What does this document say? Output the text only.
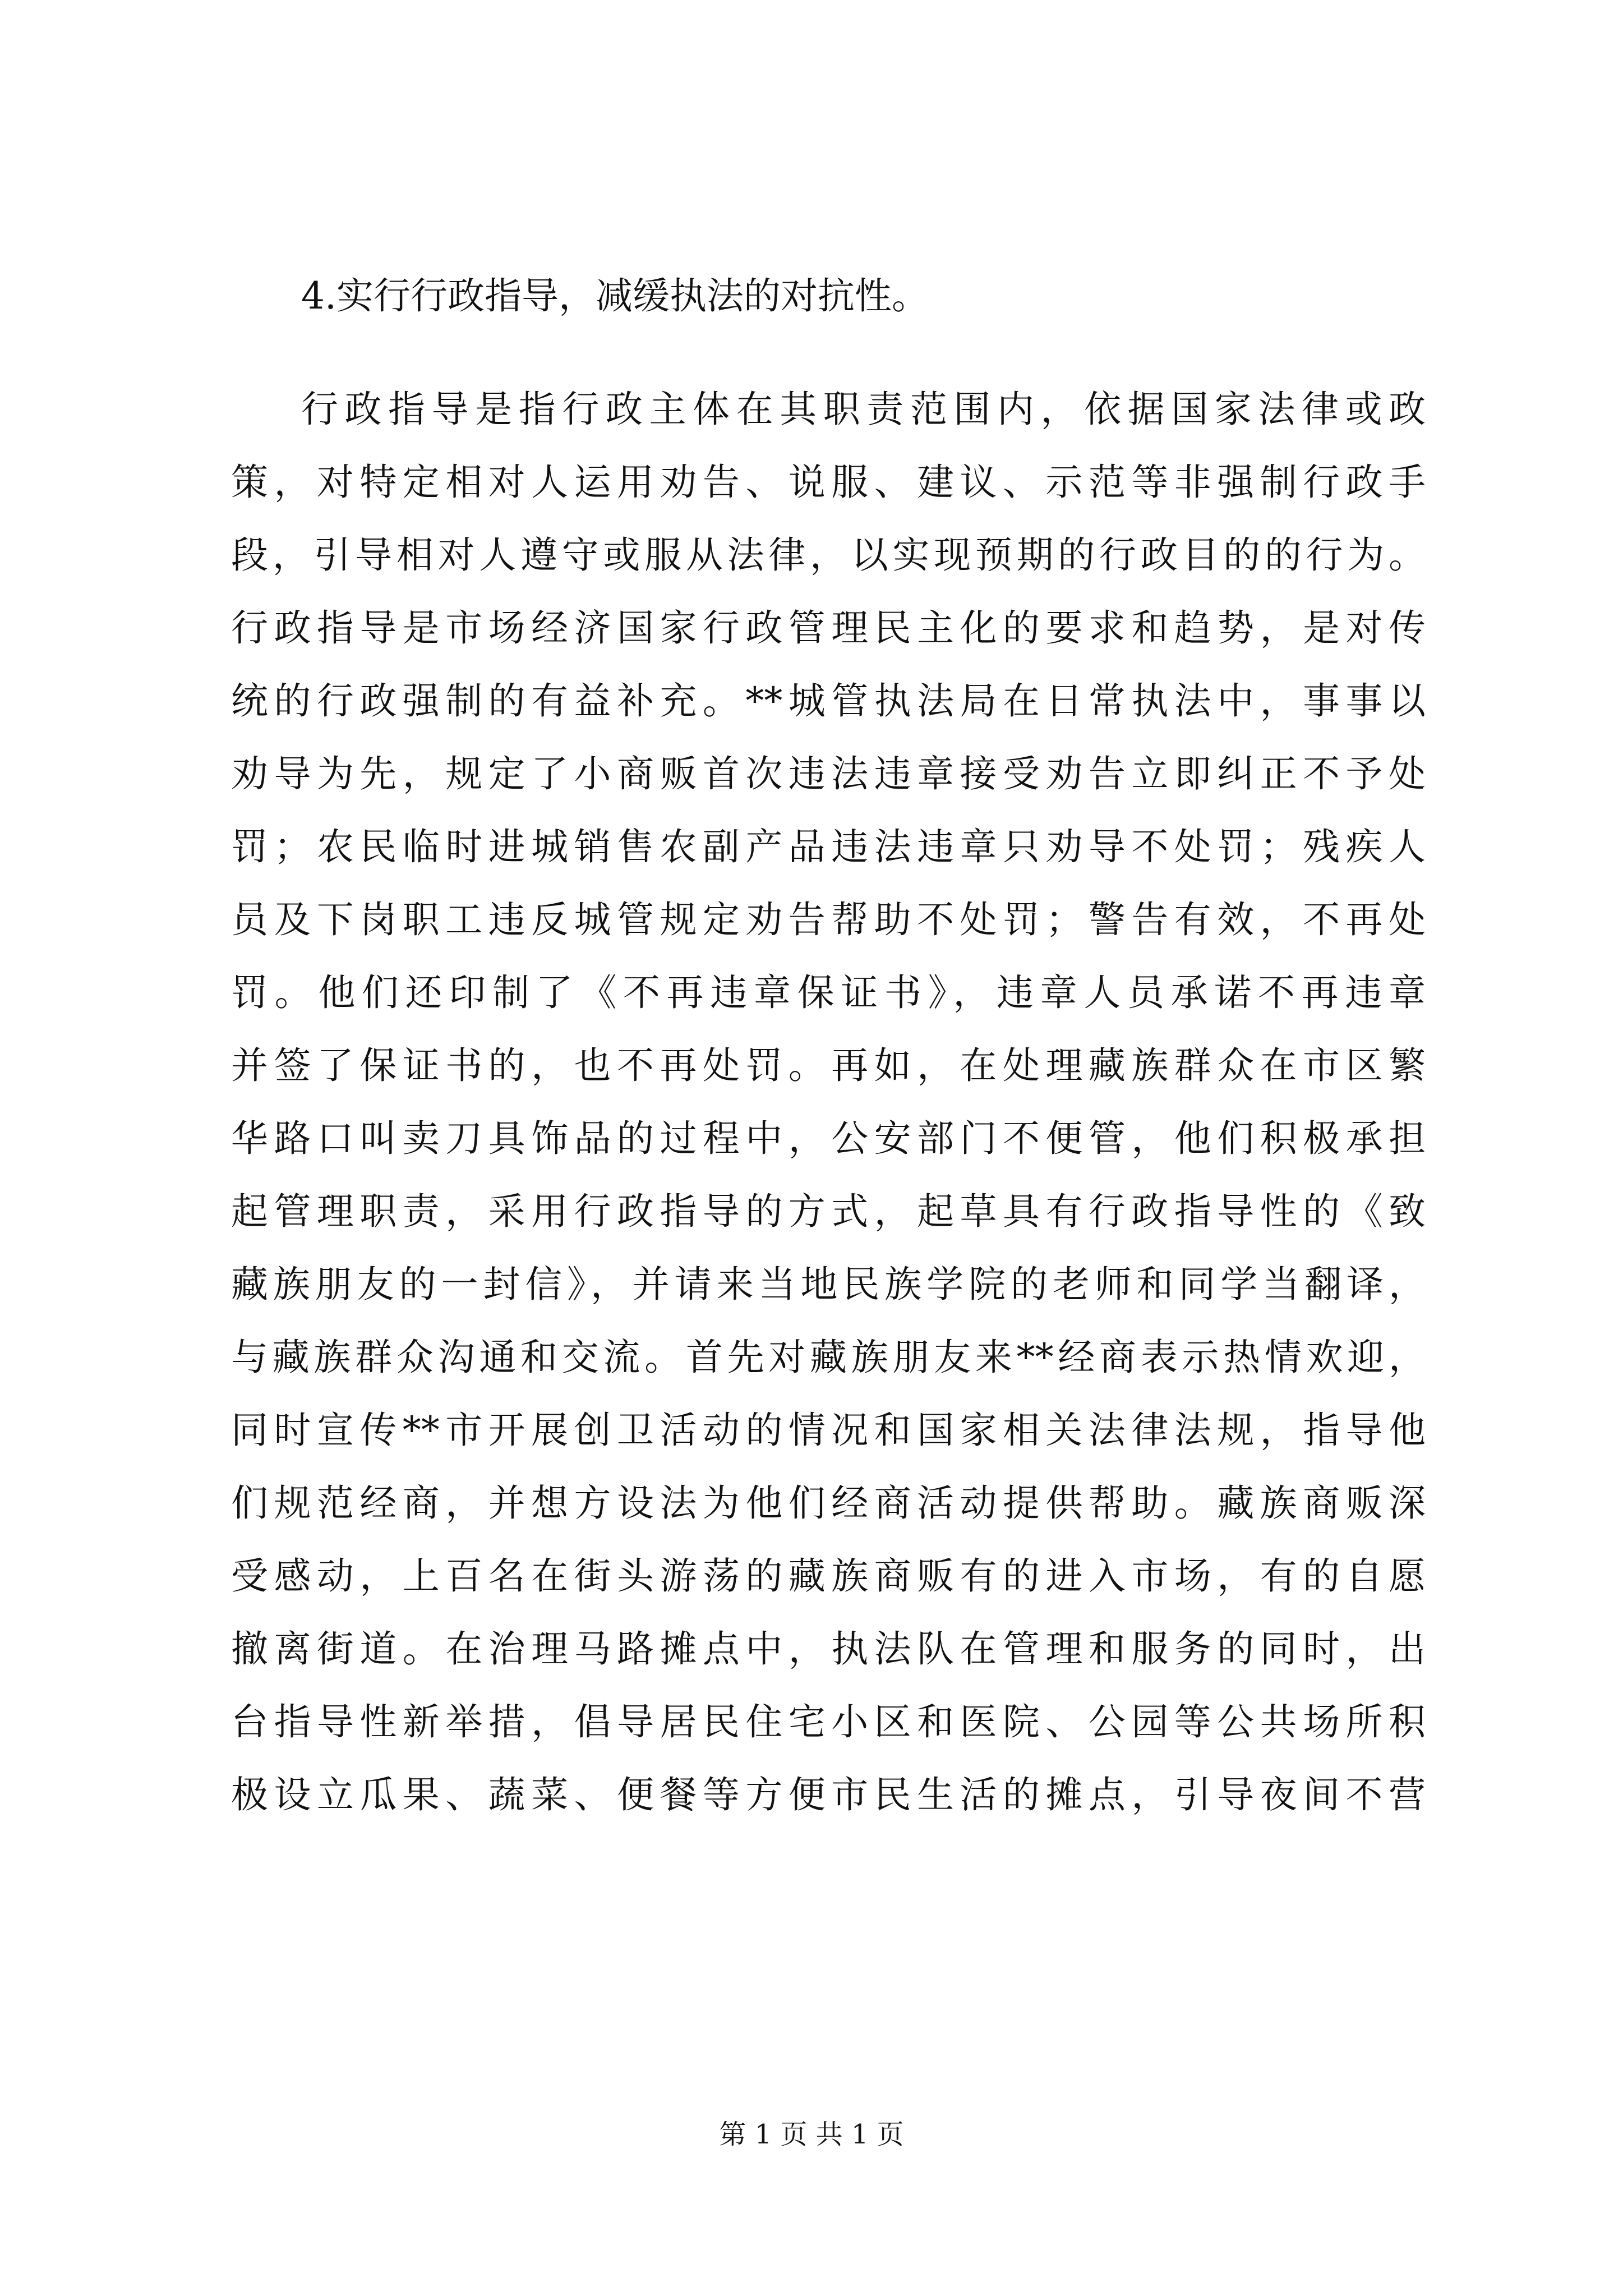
4.实行行政指导，减缓执法的对抗性。

行政指导是指行政主体在其职责范围内，依据国家法律或政
策，对特定相对人运用劝告、说服、建议、示范等非强制行政手
段，引导相对人遵守或服从法律，以实现预期的行政目的的行为。
行政指导是市场经济国家行政管理民主化的要求和趋势，是对传
统的行政强制的有益补充。**城管执法局在日常执法中，事事以
劝导为先，规定了小商贩首次违法违章接受劝告立即纠正不予处
罚；农民临时进城销售农副产品违法违章只劝导不处罚；残疾人
员及下岗职工违反城管规定劝告帮助不处罚；警告有效，不再处
罚。他们还印制了《不再违章保证书》，违章人员承诺不再违章
并签了保证书的，也不再处罚。再如，在处理藏族群众在市区繁
华路口叫卖刀具饰品的过程中，公安部门不便管，他们积极承担
起管理职责，采用行政指导的方式，起草具有行政指导性的《致
藏族朋友的一封信》，并请来当地民族学院的老师和同学当翻译，
与藏族群众沟通和交流。首先对藏族朋友来**经商表示热情欢迎，
同时宣传**市开展创卫活动的情况和国家相关法律法规，指导他
们规范经商，并想方设法为他们经商活动提供帮助。藏族商贩深
受感动，上百名在街头游荡的藏族商贩有的进入市场，有的自愿
撤离街道。在治理马路摊点中，执法队在管理和服务的同时，出
台指导性新举措，倡导居民住宅小区和医院、公园等公共场所积
极设立瓜果、蔬菜、便餐等方便市民生活的摊点，引导夜间不营
第 1 页 共 1 页
